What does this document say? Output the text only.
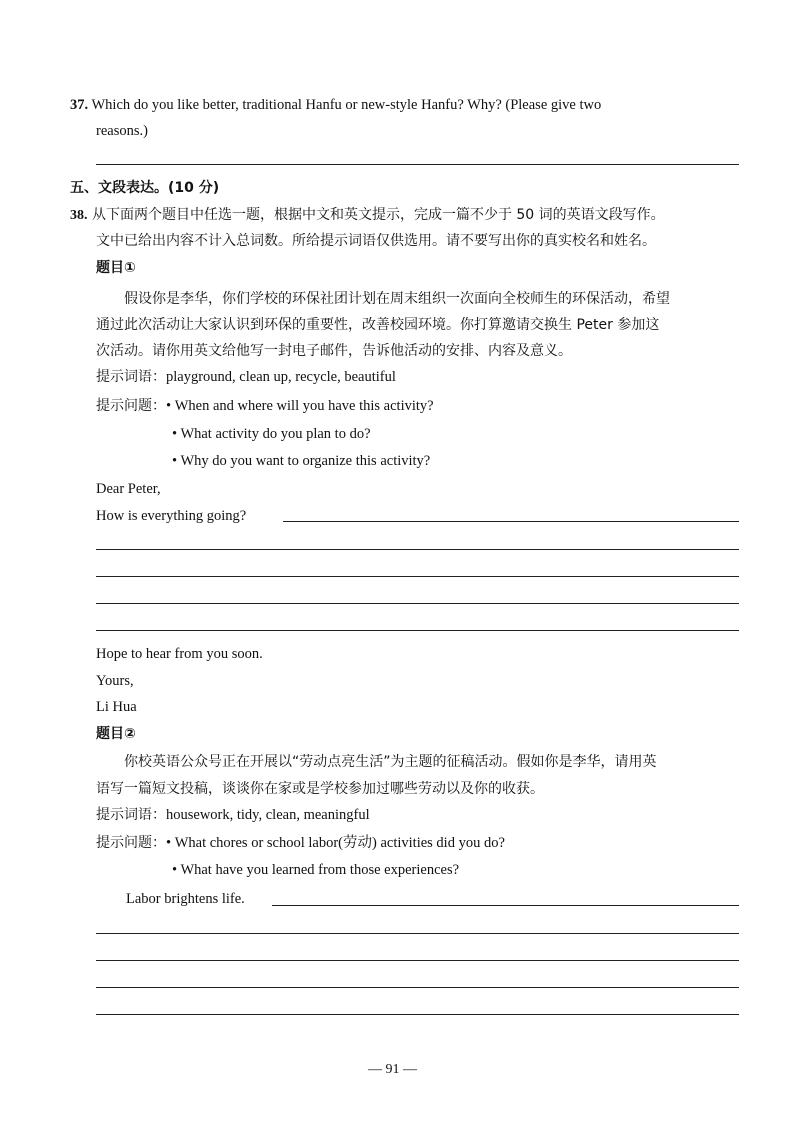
37. Which do you like better, traditional Hanfu or new-style Hanfu? Why? (Please give two
reasons.)
五、文段表达。(10 分)
38. 从下面两个题目中任选一题，根据中文和英文提示，完成一篇不少于 50 词的英语文段写作。
文中已给出内容不计入总词数。所给提示词语仅供选用。请不要写出你的真实校名和姓名。
题目①
假设你是李华，你们学校的环保社团计划在周末组织一次面向全校师生的环保活动，希望
通过此次活动让大家认识到环保的重要性，改善校园环境。你打算邀请交换生 Peter 参加这
次活动。请你用英文给他写一封电子邮件，告诉他活动的安排、内容及意义。
提示词语：playground, clean up, recycle, beautiful
提示问题：• When and where will you have this activity?
• What activity do you plan to do?
• Why do you want to organize this activity?
Dear Peter,
How is everything going?
Hope to hear from you soon.
Yours,
Li Hua
题目②
你校英语公众号正在开展以“劳动点亮生活”为主题的征稿活动。假如你是李华，请用英
语写一篇短文投稿，谈谈你在家或是学校参加过哪些劳动以及你的收获。
提示词语：housework, tidy, clean, meaningful
提示问题：• What chores or school labor(劳动) activities did you do?
• What have you learned from those experiences?
Labor brightens life.
— 91 —
